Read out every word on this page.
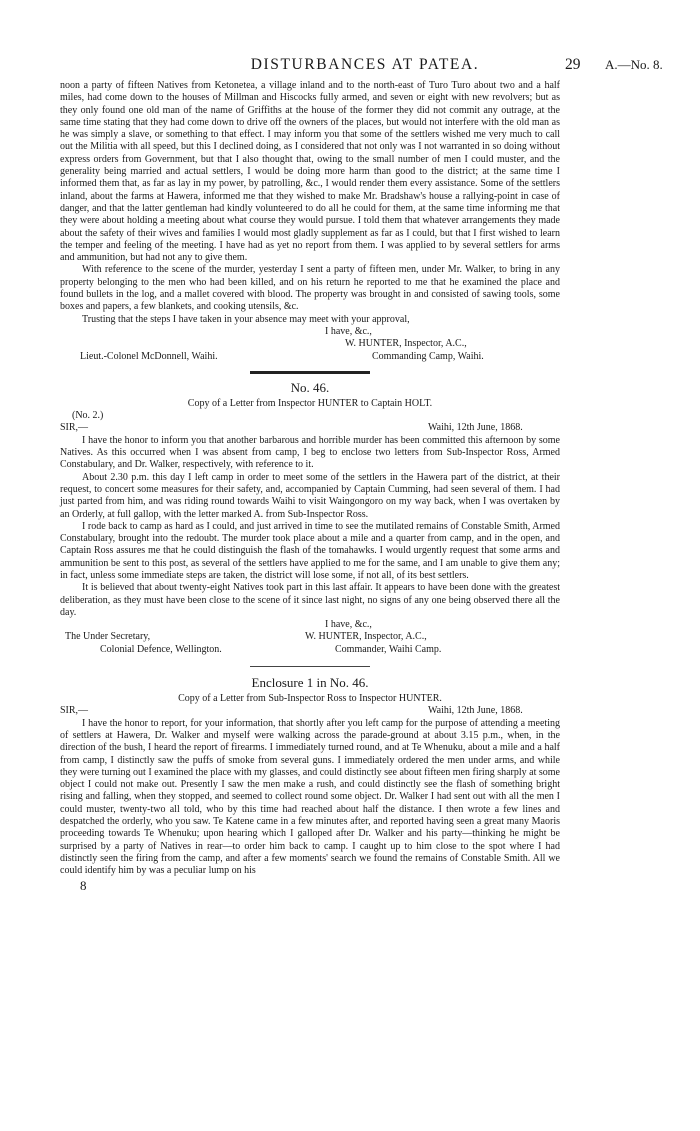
DISTURBANCES AT PATEA.	29 A.—No. 8.

noon a party of fifteen Natives from Ketonetea, a village inland and to the north-east of Turo Turo about two and a half miles, had come down to the houses of Millman and Hiscocks fully armed, and seven or eight with new revolvers; but as they only found one old man of the name of Griffiths at the house of the former they did not commit any outrage, at the same time stating that they had come down to drive off the owners of the places, but would not interfere with the old man as he was simply a slave, or something to that effect. I may inform you that some of the settlers wished me very much to call out the Militia with all speed, but this I declined doing, as I considered that not only was I not warranted in so doing without express orders from Government, but that I also thought that, owing to the small number of men I could muster, and the generality being married and actual settlers, I would be doing more harm than good to the district; at the same time I informed them that, as far as lay in my power, by patrolling, &c., I would render them every assistance. Some of the settlers inland, about the farms at Hawera, informed me that they wished to make Mr. Bradshaw's house a rallying-point in case of danger, and that the latter gentleman had kindly volunteered to do all he could for them, at the same time informing me that they were about holding a meeting about what course they would pursue. I told them that whatever arrangements they made about the safety of their wives and families I would most gladly supplement as far as I could, but that I first wished to learn the temper and feeling of the meeting. I have had as yet no report from them. I was applied to by several settlers for arms and ammunition, but had not any to give them.

With reference to the scene of the murder, yesterday I sent a party of fifteen men, under Mr. Walker, to bring in any property belonging to the men who had been killed, and on his return he reported to me that he examined the place and found bullets in the log, and a mallet covered with blood. The property was brought in and consisted of sawing tools, some boxes and papers, a few blankets, and cooking utensils, &c.

Trusting that the steps I have taken in your absence may meet with your approval,

I have, &c.,
W. HUNTER, Inspector, A.C.,
Lieut.-Colonel McDonnell, Waihi.	Commanding Camp, Waihi.
No. 46.
Copy of a Letter from Inspector HUNTER to Captain HOLT.
(No. 2.)
SIR,—	Waihi, 12th June, 1868.

I have the honor to inform you that another barbarous and horrible murder has been committed this afternoon by some Natives. As this occurred when I was absent from camp, I beg to enclose two letters from Sub-Inspector Ross, Armed Constabulary, and Dr. Walker, respectively, with reference to it.

About 2.30 p.m. this day I left camp in order to meet some of the settlers in the Hawera part of the district, at their request, to concert some measures for their safety, and, accompanied by Captain Cumming, had seen several of them. I had just parted from him, and was riding round towards Waihi to visit Waingongoro on my way back, when I was overtaken by an Orderly, at full gallop, with the letter marked A. from Sub-Inspector Ross.

I rode back to camp as hard as I could, and just arrived in time to see the mutilated remains of Constable Smith, Armed Constabulary, brought into the redoubt. The murder took place about a mile and a quarter from camp, and in the open, and Captain Ross assures me that he could distinguish the flash of the tomahawks. I would urgently request that some arms and ammunition be sent to this post, as several of the settlers have applied to me for the same, and I am unable to give them any; in fact, unless some immediate steps are taken, the district will lose some, if not all, of its best settlers.

It is believed that about twenty-eight Natives took part in this last affair. It appears to have been done with the greatest deliberation, as they must have been close to the scene of it since last night, no signs of any one being observed there all the day.

I have, &c.,
The Under Secretary,	W. HUNTER, Inspector, A.C.,
Colonial Defence, Wellington.	Commander, Waihi Camp.
Enclosure 1 in No. 46.
Copy of a Letter from Sub-Inspector Ross to Inspector HUNTER.
SIR,—	Waihi, 12th June, 1868.

I have the honor to report, for your information, that shortly after you left camp for the purpose of attending a meeting of settlers at Hawera, Dr. Walker and myself were walking across the parade-ground at about 3.15 p.m., when, in the direction of the bush, I heard the report of firearms. I immediately turned round, and at Te Whenuku, about a mile and a half from camp, I distinctly saw the puffs of smoke from several guns. I immediately ordered the men under arms, and while they were turning out I examined the place with my glasses, and could distinctly see about fifteen men firing sharply at some object I could not make out. Presently I saw the men make a rush, and could distinctly see the flash of something bright rising and falling, when they stopped, and seemed to collect round some object. Dr. Walker I had sent out with all the men I could muster, twenty-two all told, who by this time had reached about half the distance. I then wrote a few lines and despatched the orderly, who you saw. Te Katene came in a few minutes after, and reported having seen a great many Maoris proceeding towards Te Whenuku; upon hearing which I galloped after Dr. Walker and his party—thinking he might be surprised by a party of Natives in rear—to order him back to camp. I caught up to him close to the spot where I had distinctly seen the firing from the camp, and after a few moments' search we found the remains of Constable Smith. All we could identify him by was a peculiar lump on his

8
